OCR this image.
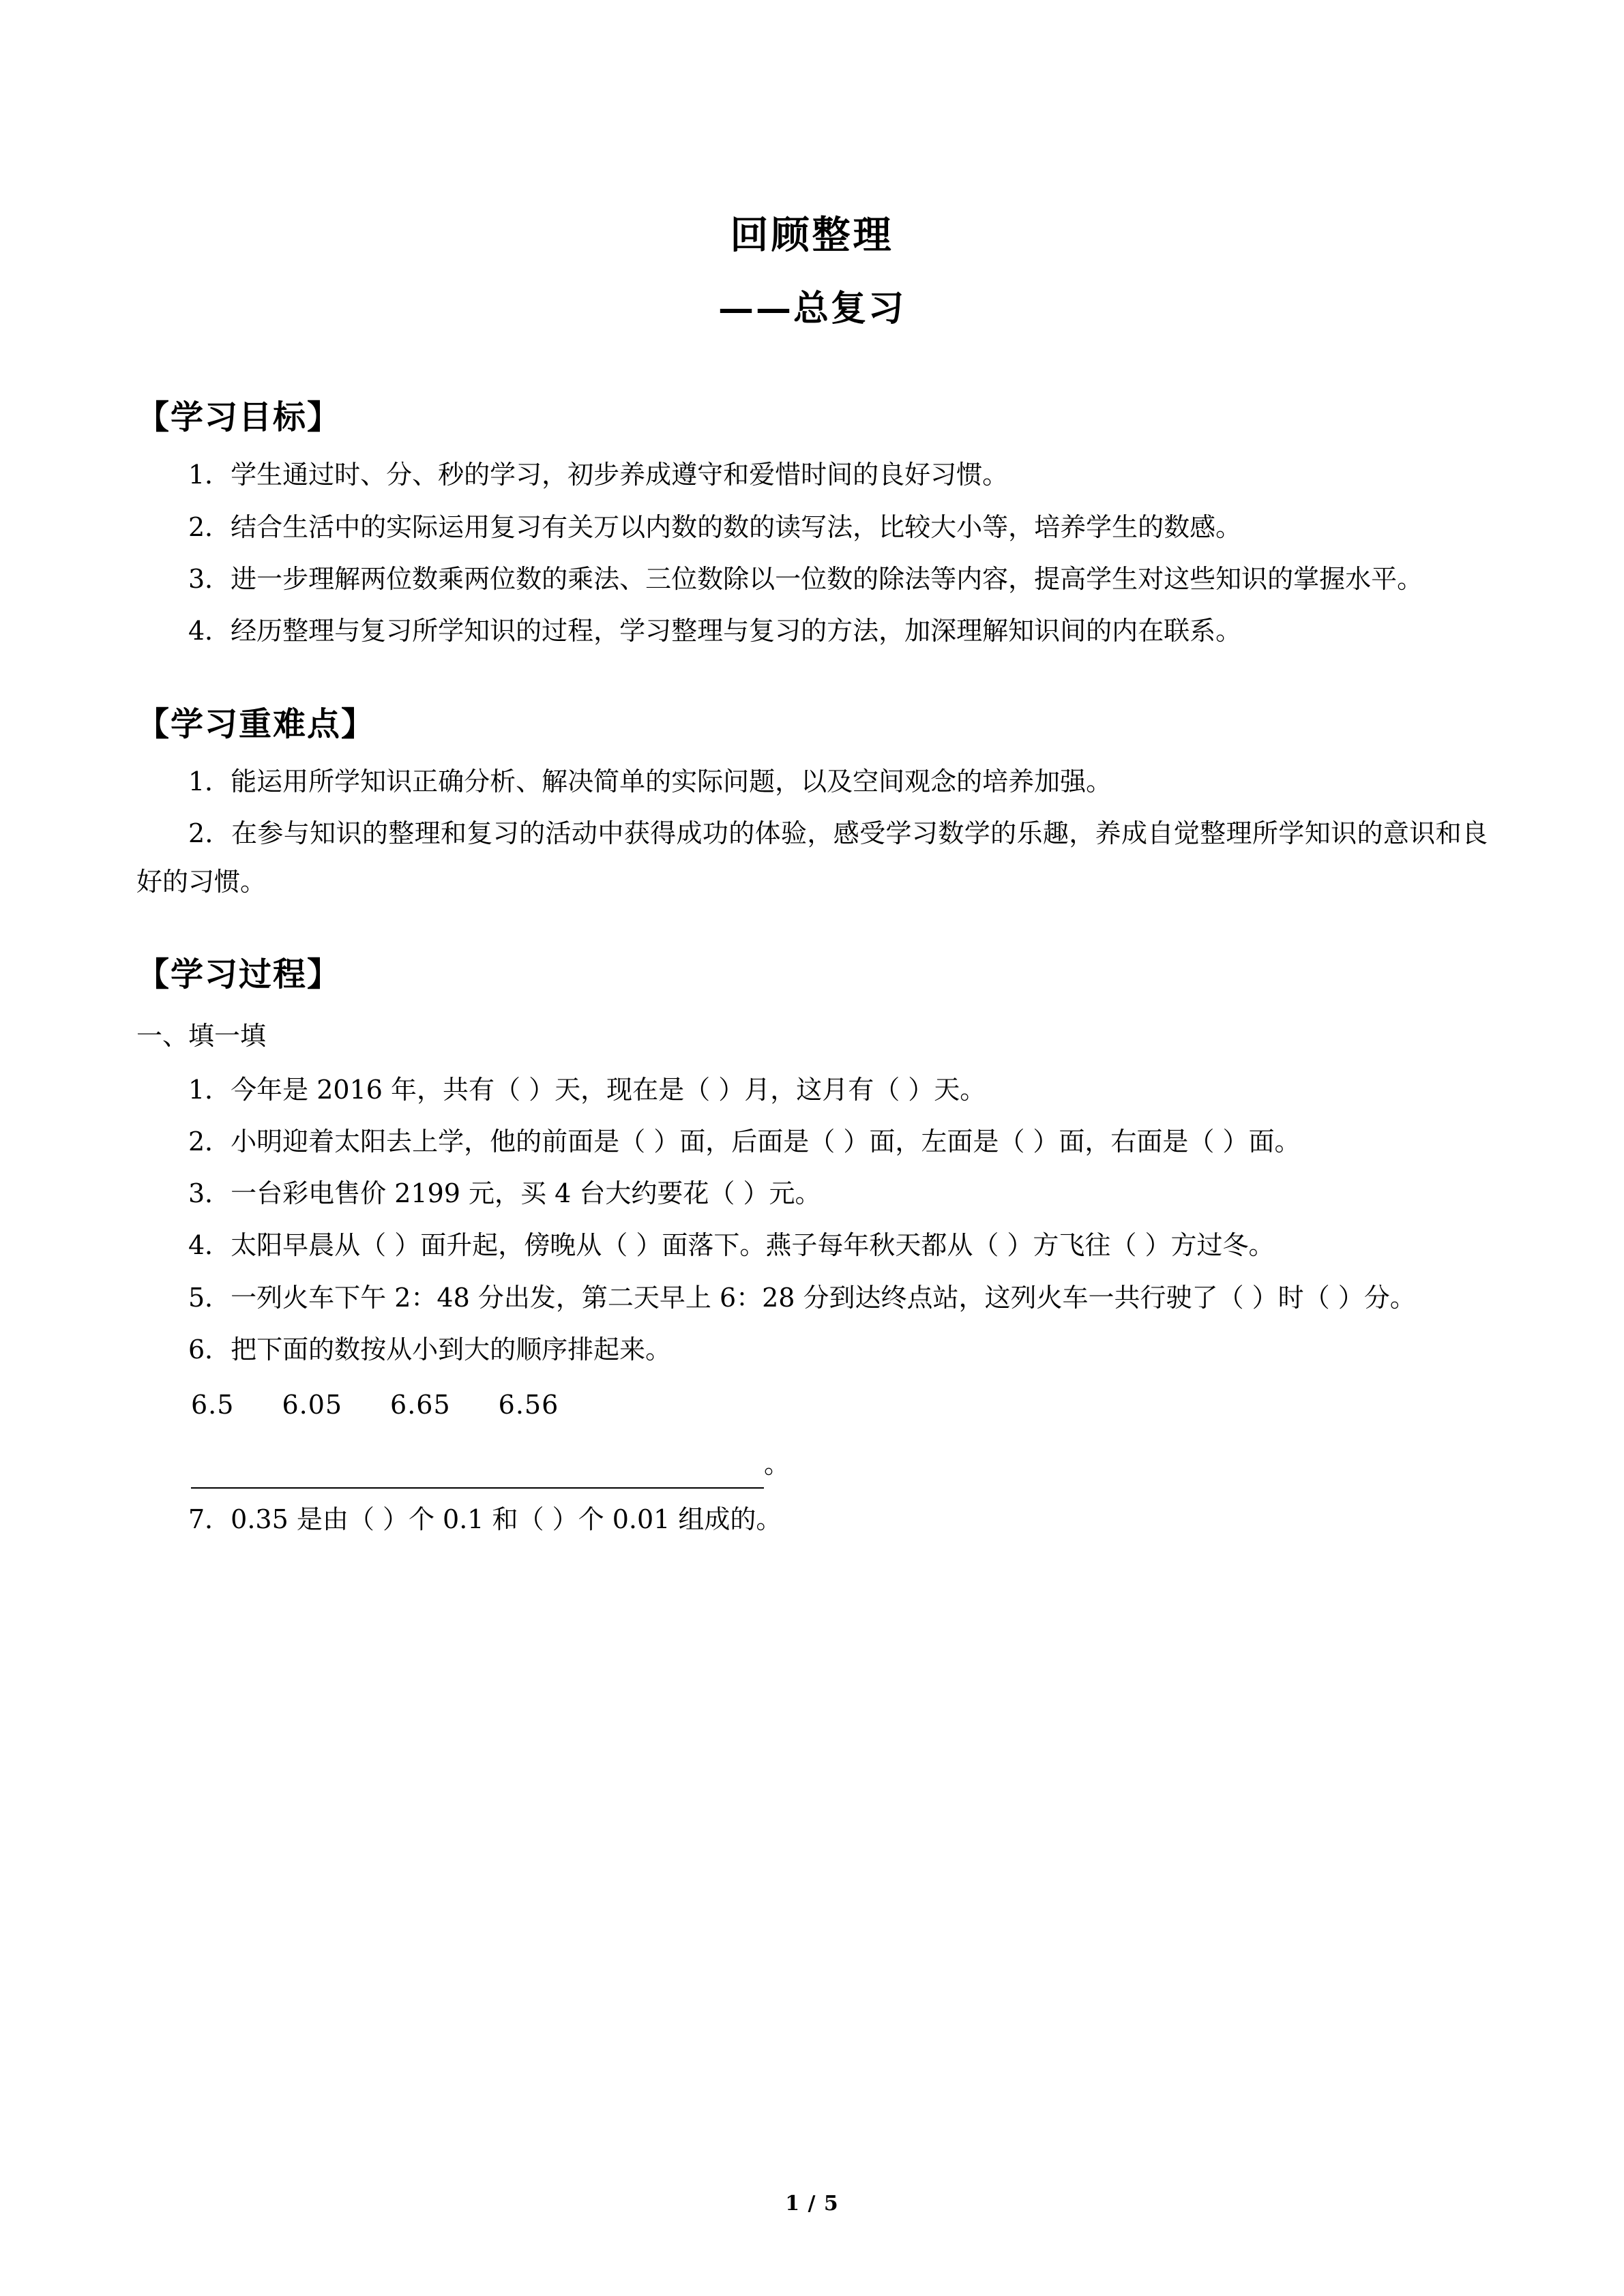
回顾整理
——总复习
【学习目标】

1．学生通过时、分、秒的学习，初步养成遵守和爱惜时间的良好习惯。

2．结合生活中的实际运用复习有关万以内数的数的读写法，比较大小等，培养学生的数感。

3．进一步理解两位数乘两位数的乘法、三位数除以一位数的除法等内容，提高学生对这些知识的掌握水平。

4．经历整理与复习所学知识的过程，学习整理与复习的方法，加深理解知识间的内在联系。

【学习重难点】

1．能运用所学知识正确分析、解决简单的实际问题，以及空间观念的培养加强。

2．在参与知识的整理和复习的活动中获得成功的体验，感受学习数学的乐趣，养成自觉整理所学知识的意识和良好的习惯。

【学习过程】

一、填一填

1．今年是 2016 年，共有（ ）天，现在是（ ）月，这月有（ ）天。

2．小明迎着太阳去上学，他的前面是（ ）面，后面是（ ）面，左面是（ ）面，右面是（ ）面。

3．一台彩电售价 2199 元，买 4 台大约要花（ ）元。

4．太阳早晨从（ ）面升起，傍晚从（ ）面落下。燕子每年秋天都从（ ）方飞往（ ）方过冬。

5．一列火车下午 2：48 分出发，第二天早上 6：28 分到达终点站，这列火车一共行驶了（ ）时（ ）分。

6．把下面的数按从小到大的顺序排起来。

6.5 6.05 6.65 6.56
。

7．0.35 是由（ ）个 0.1 和（ ）个 0.01 组成的。

1 / 5
